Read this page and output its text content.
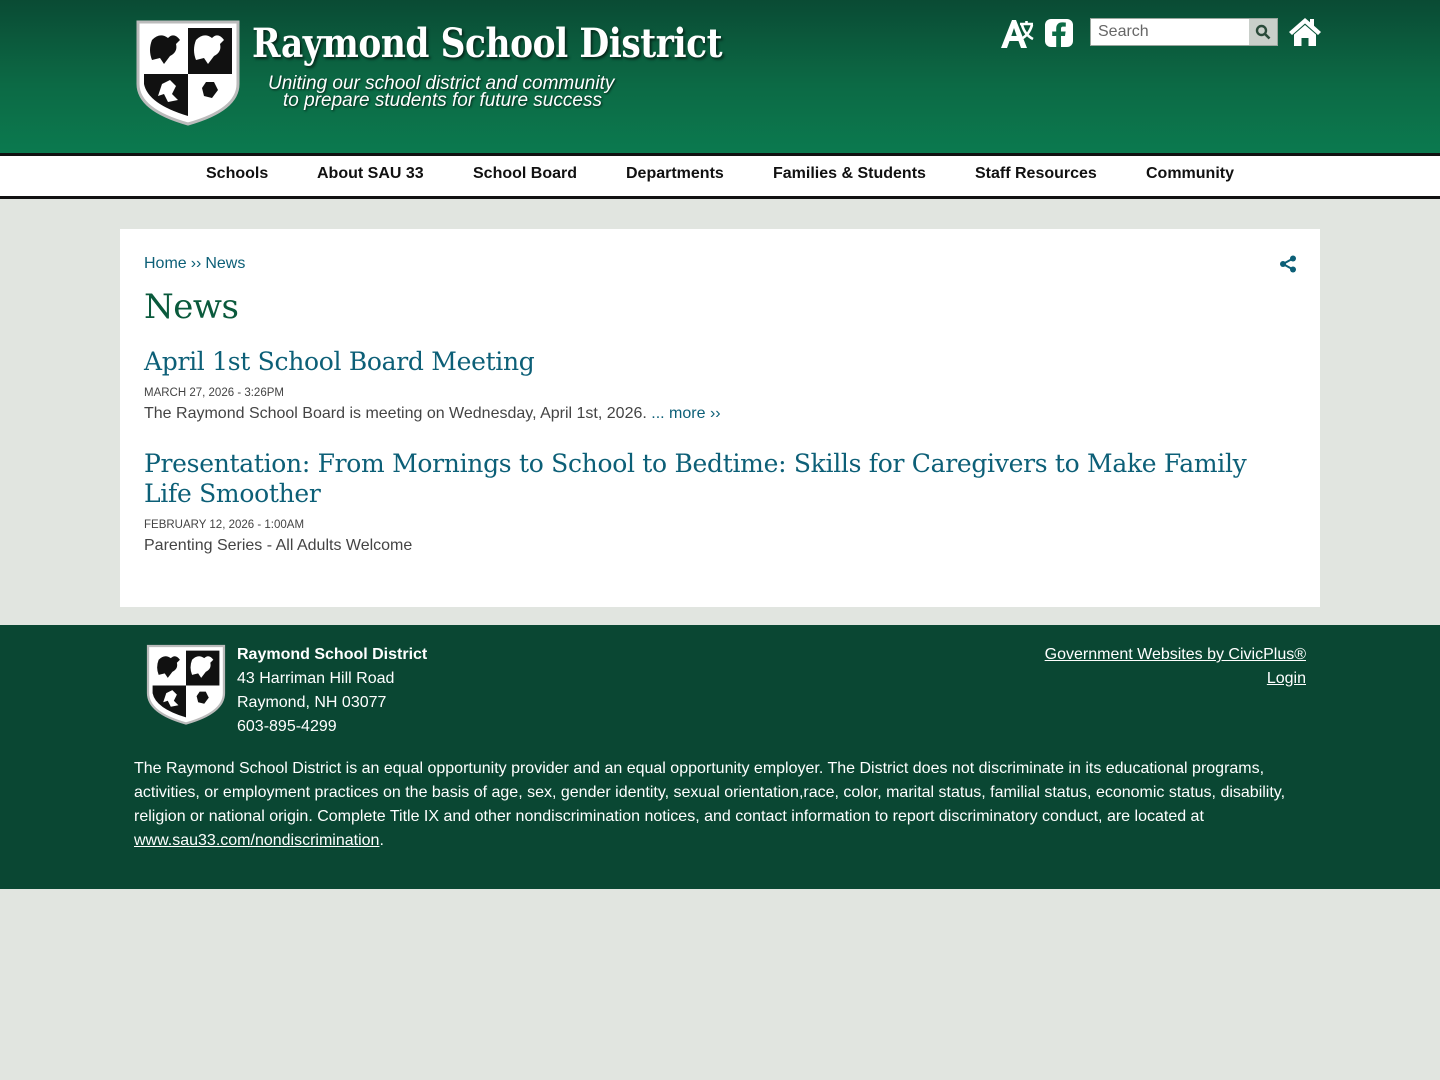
Raymond School District
Uniting our school district and community
to prepare students for future success
Search
Schools	About SAU 33	School Board	Departments	Families & Students	Staff Resources	Community
Home ›› News
News
April 1st School Board Meeting
MARCH 27, 2026 - 3:26PM
The Raymond School Board is meeting on Wednesday, April 1st, 2026. ... more ››
Presentation: From Mornings to School to Bedtime: Skills for Caregivers to Make Family Life Smoother
FEBRUARY 12, 2026 - 1:00AM
Parenting Series - All Adults Welcome
Raymond School District
43 Harriman Hill Road
Raymond, NH 03077
603-895-4299
Government Websites by CivicPlus®
Login
The Raymond School District is an equal opportunity provider and an equal opportunity employer. The District does not discriminate in its educational programs, activities, or employment practices on the basis of age, sex, gender identity, sexual orientation,race, color, marital status, familial status, economic status, disability, religion or national origin. Complete Title IX and other nondiscrimination notices, and contact information to report discriminatory conduct, are located at www.sau33.com/nondiscrimination.
